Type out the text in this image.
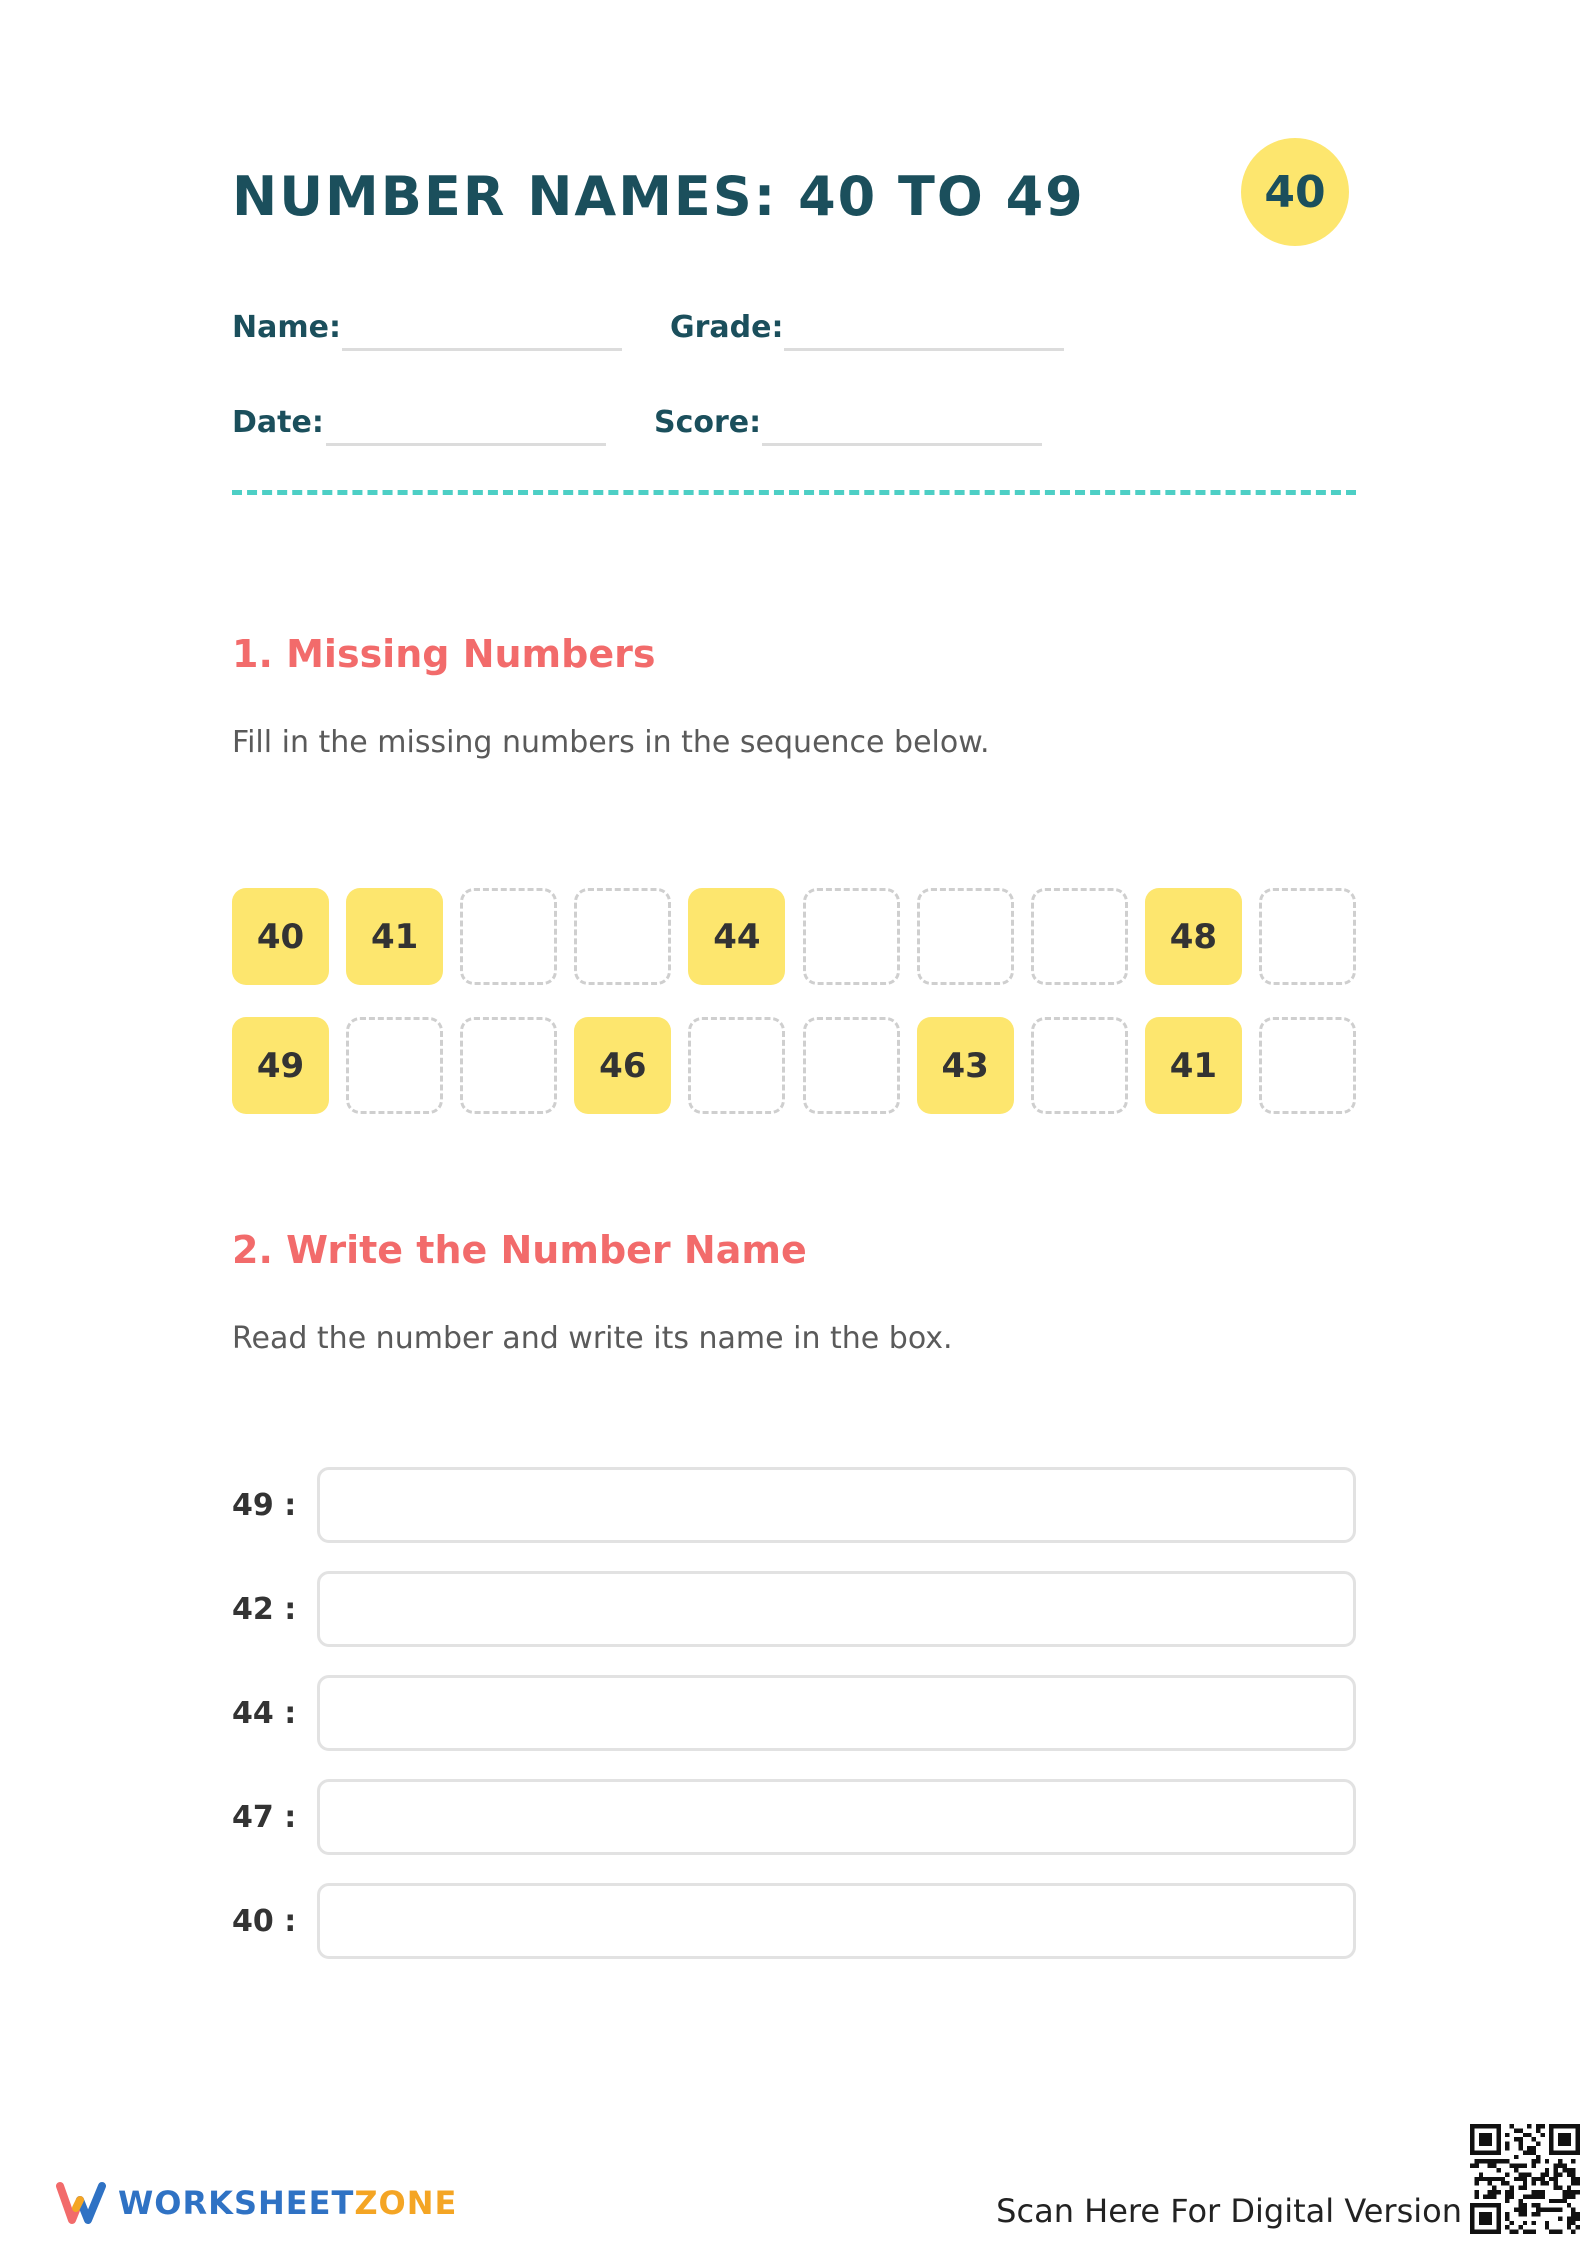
NUMBER NAMES: 40 TO 49	40
Name:	Grade:
Date:	Score:
1. Missing Numbers
Fill in the missing numbers in the sequence below.
40	41	44	48
49	46	43	41
2. Write the Number Name
Read the number and write its name in the box.
49 :
42 :
44 :
47 :
40 :
WORKSHEETZONE	Scan Here For Digital Version
